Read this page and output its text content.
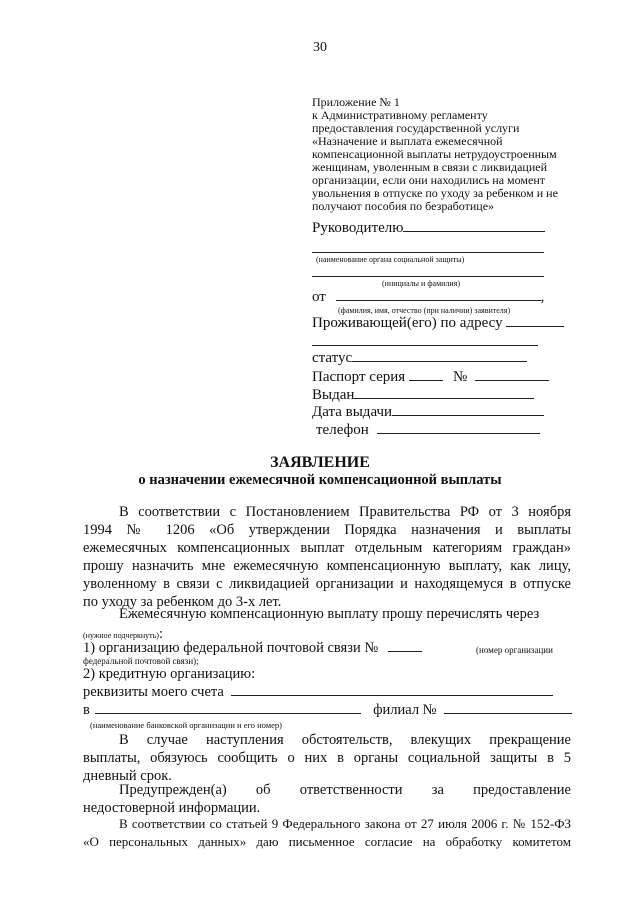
30
Приложение № 1
к Административному регламенту
предоставления государственной услуги
«Назначение и выплата ежемесячной
компенсационной выплаты нетрудоустроенным
женщинам, уволенным в связи с ликвидацией
организации, если они находились на момент
увольнения в отпуске по уходу за ребенком и не
получают пособия по безработице»
Руководителю
(наименование органа социальной защиты)
(инициалы и фамилия)
от	,
(фамилия, имя, отчество (при наличии) заявителя)
Проживающей(его) по адресу
статус
Паспорт серия	№
Выдан
Дата выдачи
телефон
ЗАЯВЛЕНИЕ
о назначении ежемесячной компенсационной выплаты
В соответствии с Постановлением Правительства РФ от 3 ноября
1994 № 1206 «Об утверждении Порядка назначения и выплаты
ежемесячных компенсационных выплат отдельным категориям граждан»
прошу назначить мне ежемесячную компенсационную выплату, как лицу,
уволенному в связи с ликвидацией организации и находящемуся в отпуске
по уходу за ребенком до 3-х лет.
Ежемесячную компенсационную выплату прошу перечислять через
(нужное подчеркнуть):
1) организацию федеральной почтовой связи №	(номер организации
федеральной почтовой связи);
2) кредитную организацию:
реквизиты моего счета
в	филиал №
(наименование банковской организации и его номер)
В случае наступления обстоятельств, влекущих прекращение
выплаты, обязуюсь сообщить о них в органы социальной защиты в 5
дневный срок.
Предупрежден(а) об ответственности за предоставление
недостоверной информации.
В соответствии со статьей 9 Федерального закона от 27 июля 2006 г. № 152-ФЗ
«О персональных данных» даю письменное согласие на обработку комитетом
